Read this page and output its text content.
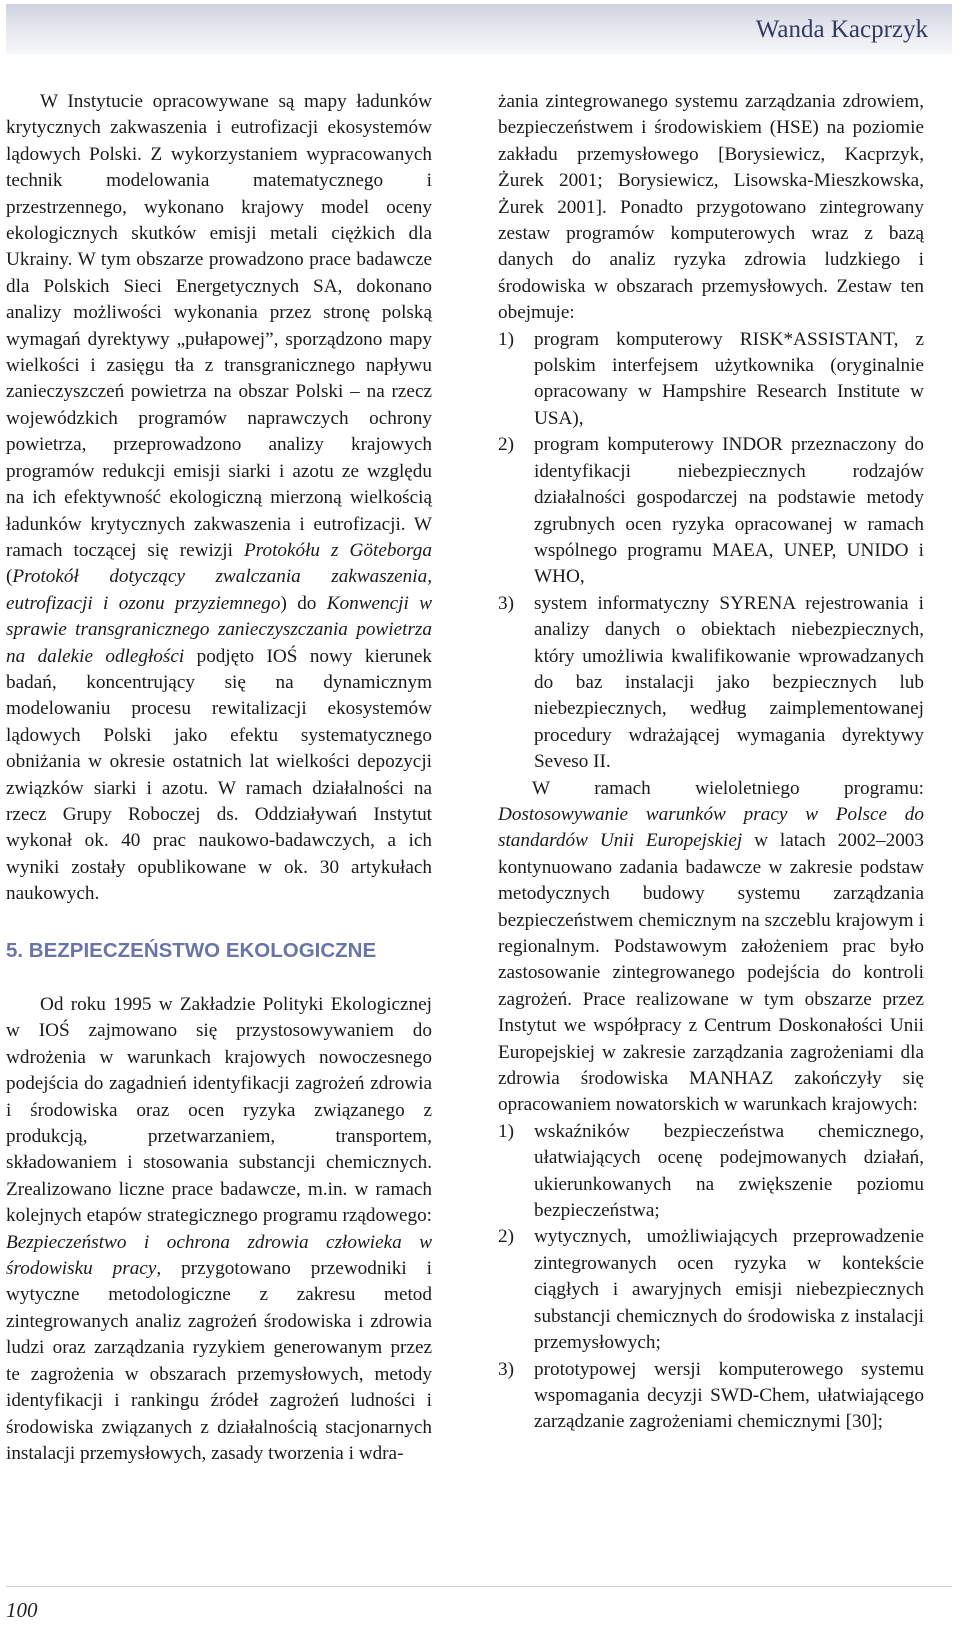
Wanda Kacprzyk

W Instytucie opracowywane są mapy ładunków krytycznych zakwaszenia i eutrofizacji ekosystemów lądowych Polski. Z wykorzystaniem wypracowanych technik modelowania matematycznego i przestrzennego, wykonano krajowy model oceny ekologicznych skutków emisji metali ciężkich dla Ukrainy. W tym obszarze prowadzono prace badawcze dla Polskich Sieci Energetycznych SA, dokonano analizy możliwości wykonania przez stronę polską wymagań dyrektywy „pułapowej”, sporządzono mapy wielkości i zasięgu tła z transgranicznego napływu zanieczyszczeń powietrza na obszar Polski – na rzecz wojewódzkich programów naprawczych ochrony powietrza, przeprowadzono analizy krajowych programów redukcji emisji siarki i azotu ze względu na ich efektywność ekologiczną mierzoną wielkością ładunków krytycznych zakwaszenia i eutrofizacji. W ramach toczącej się rewizji Protokółu z Göteborga (Protokół dotyczący zwalczania zakwaszenia, eutrofizacji i ozonu przyziemnego) do Konwencji w sprawie transgranicznego zanieczyszczania powietrza na dalekie odległości podjęto IOŚ nowy kierunek badań, koncentrujący się na dynamicznym modelowaniu procesu rewitalizacji ekosystemów lądowych Polski jako efektu systematycznego obniżania w okresie ostatnich lat wielkości depozycji związków siarki i azotu. W ramach działalności na rzecz Grupy Roboczej ds. Oddziaływań Instytut wykonał ok. 40 prac naukowo-badawczych, a ich wyniki zostały opublikowane w ok. 30 artykułach naukowych.

5. BEZPIECZEŃSTWO EKOLOGICZNE

Od roku 1995 w Zakładzie Polityki Ekologicznej w IOŚ zajmowano się przystosowywaniem do wdrożenia w warunkach krajowych nowoczesnego podejścia do zagadnień identyfikacji zagrożeń zdrowia i środowiska oraz ocen ryzyka związanego z produkcją, przetwarzaniem, transportem, składowaniem i stosowania substancji chemicznych. Zrealizowano liczne prace badawcze, m.in. w ramach kolejnych etapów strategicznego programu rządowego: Bezpieczeństwo i ochrona zdrowia człowieka w środowisku pracy, przygotowano przewodniki i wytyczne metodologiczne z zakresu metod zintegrowanych analiz zagrożeń środowiska i zdrowia ludzi oraz zarządzania ryzykiem generowanym przez te zagrożenia w obszarach przemysłowych, metody identyfikacji i rankingu źródeł zagrożeń ludności i środowiska związanych z działalnością stacjonarnych instalacji przemysłowych, zasady tworzenia i wdra-

żania zintegrowanego systemu zarządzania zdrowiem, bezpieczeństwem i środowiskiem (HSE) na poziomie zakładu przemysłowego [Borysiewicz, Kacprzyk, Żurek 2001; Borysiewicz, Lisowska-Mieszkowska, Żurek 2001]. Ponadto przygotowano zintegrowany zestaw programów komputerowych wraz z bazą danych do analiz ryzyka zdrowia ludzkiego i środowiska w obszarach przemysłowych. Zestaw ten obejmuje:

1) program komputerowy RISK*ASSISTANT, z polskim interfejsem użytkownika (oryginalnie opracowany w Hampshire Research Institute w USA),
2) program komputerowy INDOR przeznaczony do identyfikacji niebezpiecznych rodzajów działalności gospodarczej na podstawie metody zgrubnych ocen ryzyka opracowanej w ramach wspólnego programu MAEA, UNEP, UNIDO i WHO,
3) system informatyczny SYRENA rejestrowania i analizy danych o obiektach niebezpiecznych, który umożliwia kwalifikowanie wprowadzanych do baz instalacji jako bezpiecznych lub niebezpiecznych, według zaimplementowanej procedury wdrażającej wymagania dyrektywy Seveso II.

W ramach wieloletniego programu: Dostosowywanie warunków pracy w Polsce do standardów Unii Europejskiej w latach 2002–2003 kontynuowano zadania badawcze w zakresie podstaw metodycznych budowy systemu zarządzania bezpieczeństwem chemicznym na szczeblu krajowym i regionalnym. Podstawowym założeniem prac było zastosowanie zintegrowanego podejścia do kontroli zagrożeń. Prace realizowane w tym obszarze przez Instytut we współpracy z Centrum Doskonałości Unii Europejskiej w zakresie zarządzania zagrożeniami dla zdrowia środowiska MANHAZ zakończyły się opracowaniem nowatorskich w warunkach krajowych:

1) wskaźników bezpieczeństwa chemicznego, ułatwiających ocenę podejmowanych działań, ukierunkowanych na zwiększenie poziomu bezpieczeństwa;
2) wytycznych, umożliwiających przeprowadzenie zintegrowanych ocen ryzyka w kontekście ciągłych i awaryjnych emisji niebezpiecznych substancji chemicznych do środowiska z instalacji przemysłowych;
3) prototypowej wersji komputerowego systemu wspomagania decyzji SWD-Chem, ułatwiającego zarządzanie zagrożeniami chemicznymi [30];
100
